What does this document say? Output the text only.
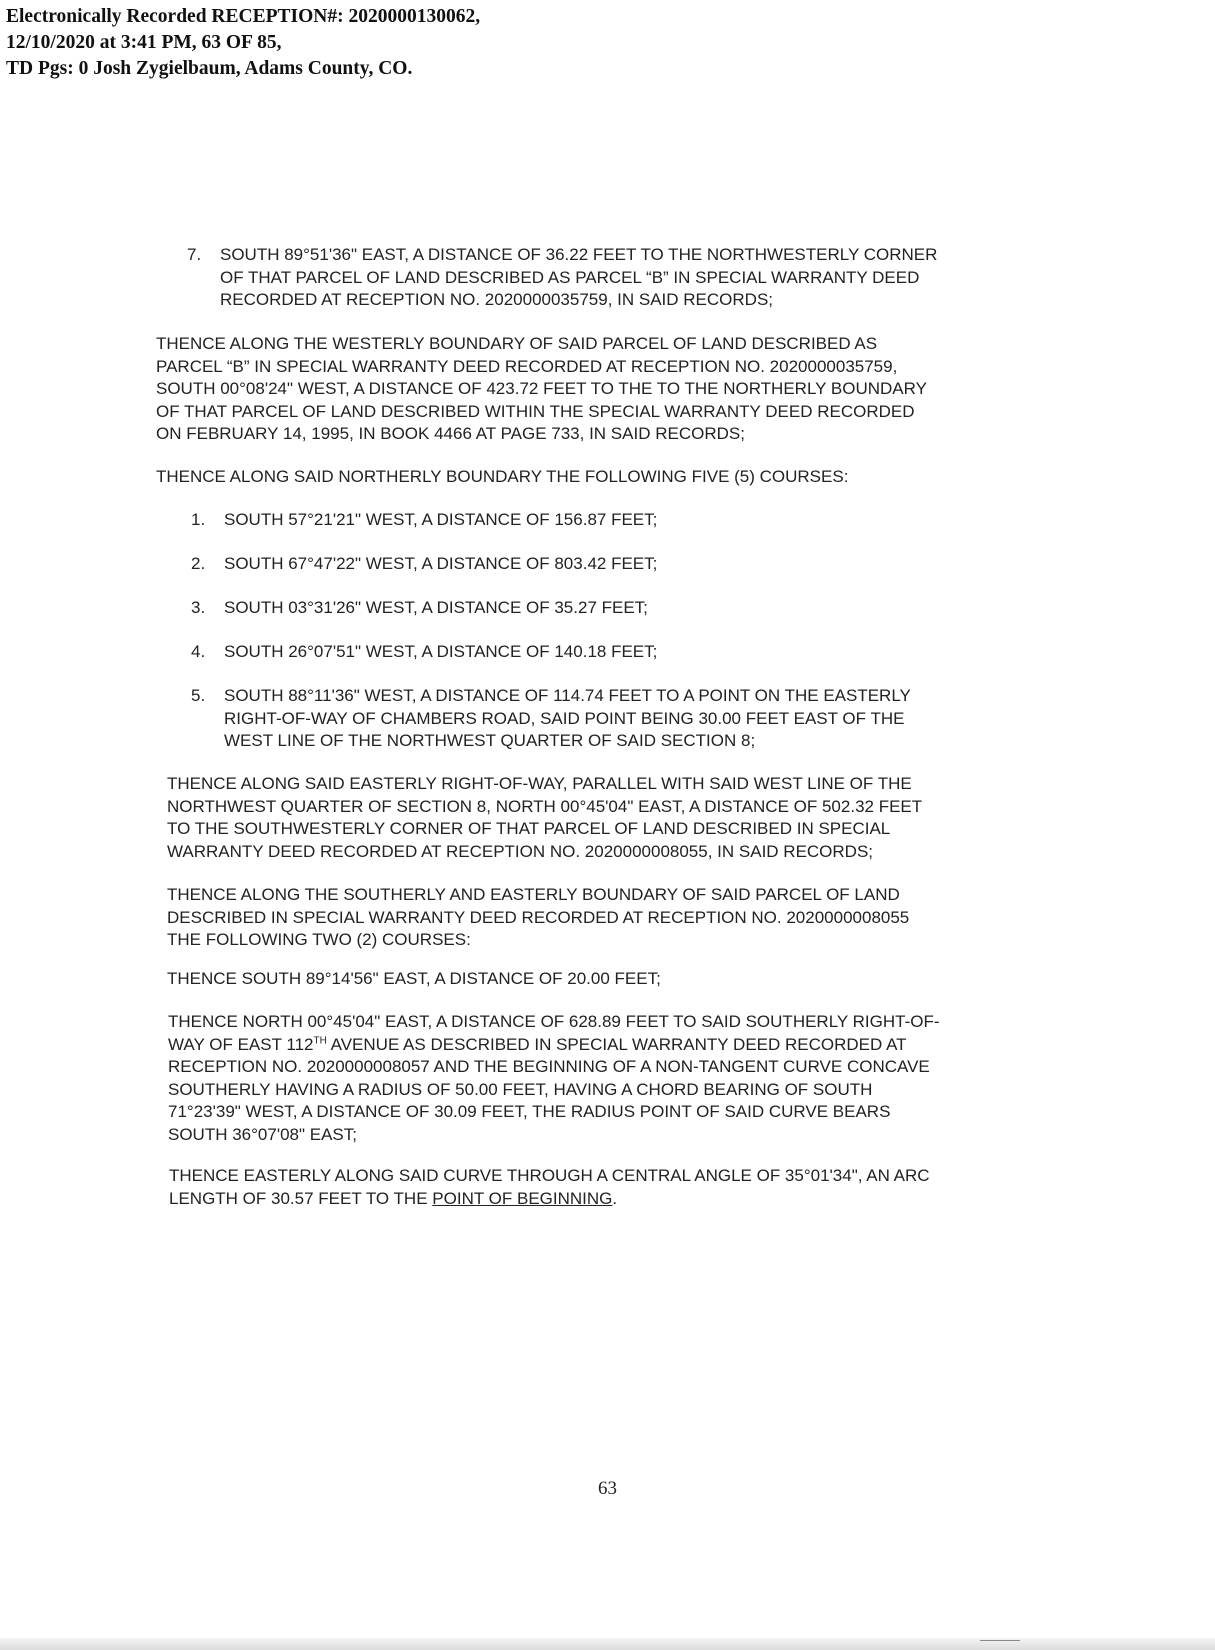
Electronically Recorded RECEPTION#: 2020000130062,
12/10/2020 at 3:41 PM, 63 OF 85,
TD Pgs: 0 Josh Zygielbaum, Adams County, CO.
7. SOUTH 89°51'36" EAST, A DISTANCE OF 36.22 FEET TO THE NORTHWESTERLY CORNER
OF THAT PARCEL OF LAND DESCRIBED AS PARCEL “B” IN SPECIAL WARRANTY DEED
RECORDED AT RECEPTION NO. 2020000035759, IN SAID RECORDS;
THENCE ALONG THE WESTERLY BOUNDARY OF SAID PARCEL OF LAND DESCRIBED AS
PARCEL “B” IN SPECIAL WARRANTY DEED RECORDED AT RECEPTION NO. 2020000035759,
SOUTH 00°08'24" WEST, A DISTANCE OF 423.72 FEET TO THE TO THE NORTHERLY BOUNDARY
OF THAT PARCEL OF LAND DESCRIBED WITHIN THE SPECIAL WARRANTY DEED RECORDED
ON FEBRUARY 14, 1995, IN BOOK 4466 AT PAGE 733, IN SAID RECORDS;
THENCE ALONG SAID NORTHERLY BOUNDARY THE FOLLOWING FIVE (5) COURSES:
1. SOUTH 57°21'21" WEST, A DISTANCE OF 156.87 FEET;
2. SOUTH 67°47'22" WEST, A DISTANCE OF 803.42 FEET;
3. SOUTH 03°31'26" WEST, A DISTANCE OF 35.27 FEET;
4. SOUTH 26°07'51" WEST, A DISTANCE OF 140.18 FEET;
5. SOUTH 88°11'36" WEST, A DISTANCE OF 114.74 FEET TO A POINT ON THE EASTERLY
RIGHT-OF-WAY OF CHAMBERS ROAD, SAID POINT BEING 30.00 FEET EAST OF THE
WEST LINE OF THE NORTHWEST QUARTER OF SAID SECTION 8;
THENCE ALONG SAID EASTERLY RIGHT-OF-WAY, PARALLEL WITH SAID WEST LINE OF THE
NORTHWEST QUARTER OF SECTION 8, NORTH 00°45'04" EAST, A DISTANCE OF 502.32 FEET
TO THE SOUTHWESTERLY CORNER OF THAT PARCEL OF LAND DESCRIBED IN SPECIAL
WARRANTY DEED RECORDED AT RECEPTION NO. 2020000008055, IN SAID RECORDS;
THENCE ALONG THE SOUTHERLY AND EASTERLY BOUNDARY OF SAID PARCEL OF LAND
DESCRIBED IN SPECIAL WARRANTY DEED RECORDED AT RECEPTION NO. 2020000008055
THE FOLLOWING TWO (2) COURSES:
THENCE SOUTH 89°14'56" EAST, A DISTANCE OF 20.00 FEET;
THENCE NORTH 00°45'04" EAST, A DISTANCE OF 628.89 FEET TO SAID SOUTHERLY RIGHT-OF-
WAY OF EAST 112TH AVENUE AS DESCRIBED IN SPECIAL WARRANTY DEED RECORDED AT
RECEPTION NO. 2020000008057 AND THE BEGINNING OF A NON-TANGENT CURVE CONCAVE
SOUTHERLY HAVING A RADIUS OF 50.00 FEET, HAVING A CHORD BEARING OF SOUTH
71°23'39" WEST, A DISTANCE OF 30.09 FEET, THE RADIUS POINT OF SAID CURVE BEARS
SOUTH 36°07'08" EAST;
THENCE EASTERLY ALONG SAID CURVE THROUGH A CENTRAL ANGLE OF 35°01'34", AN ARC
LENGTH OF 30.57 FEET TO THE POINT OF BEGINNING.
63
